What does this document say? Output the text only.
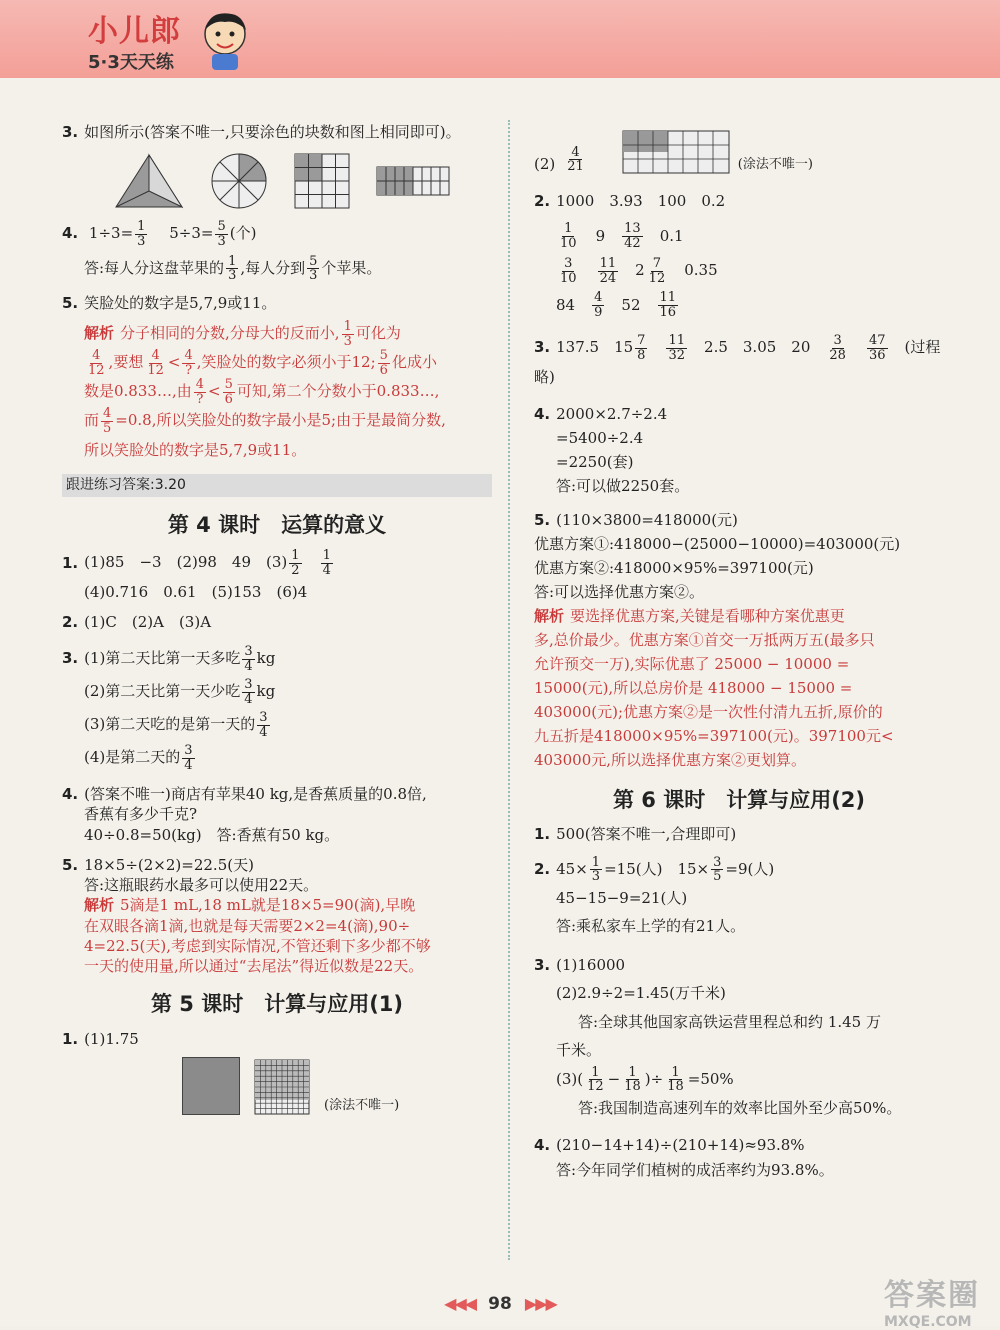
小儿郎
5·3天天练
3. 如图所示(答案不唯一,只要涂色的块数和图上相同即可)。
4. $1\div 3= \frac{1}{3}$
　 $5\div 3= \frac{5}{3}$ (个)
答:每人分这盘苹果的 $\frac{1}{3}$ ,每人分到 $\frac{5}{3}$ 个苹果。
5. 笑脸处的数字是5,7,9或11。
解析 分子相同的分数,分母大的反而小, $\frac{1}{3}$ 可化为
$\frac{4}{12}$ ,要想 $\frac{4}{12} < \frac{4}{?}$ ,笑脸处的数字必须小于12; $\frac{5}{6}$ 化成小
数是0.833…,由 $\frac{4}{?} < \frac{5}{6}$ 可知,第二个分数小于0.833…,
而 $\frac{4}{5} =0.8$,所以笑脸处的数字最小是5;由于是最简分数,
所以笑脸处的数字是5,7,9或11。
跟进练习答案:3.20
第 4 课时　运算的意义
1. (1)85　−3　(2)98　49　$(3) \frac{1}{2}$
　 $\frac{1}{4}$
(4)0.716　0.61　(5)153　(6)4
2. (1)C　(2)A　(3)A
3. (1)第二天比第一天多吃 $\frac{3}{4}$ kg
(2)第二天比第一天少吃 $\frac{3}{4}$ kg
(3)第二天吃的是第一天的 $\frac{3}{4}$
(4)是第二天的 $\frac{3}{4}$
4. (答案不唯一)商店有苹果40 kg,是香蕉质量的0.8倍,
香蕉有多少千克?
40÷0.8=50(kg)　答:香蕉有50 kg。
5. 18×5÷(2×2)=22.5(天)
答:这瓶眼药水最多可以使用22天。
解析 5滴是1 mL,18 mL就是18×5=90(滴),早晚
在双眼各滴1滴,也就是每天需要2×2=4(滴),90÷
4=22.5(天),考虑到实际情况,不管还剩下多少都不够
一天的使用量,所以通过“去尾法”得近似数是22天。
第 5 课时　计算与应用(1)
1. (1)1.75
(涂法不唯一)
$(2) \frac{4}{21}$	(涂法不唯一)
2. 1000　3.93　100　0.2
$\frac{1}{10}$
　 9　 $\frac{13}{42}$
　 0.1
$\frac{3}{10}$
　 $\frac{11}{24}$
　 $2 \frac{7}{12}$
　 0.35
84　 $\frac{4}{9}$
　 52　 $\frac{11}{16}$
3. 137.5　$15 \frac{7}{8}$
　 $\frac{11}{32}$
　 2.5　3.05　20　 $\frac{3}{28}$
　 $\frac{47}{36}$
　 (过程
略)
4. 2000×2.7÷2.4
=5400÷2.4
=2250(套)
答:可以做2250套。
5. (110×3800=418000(元)
优惠方案①:418000−(25000−10000)=403000(元)
优惠方案②:418000×95%=397100(元)
答:可以选择优惠方案②。
解析 要选择优惠方案,关键是看哪种方案优惠更
多,总价最少。优惠方案①首交一万抵两万五(最多只
允许预交一万),实际优惠了 25000 − 10000 =
15000(元),所以总房价是 418000 − 15000 =
403000(元);优惠方案②是一次性付清九五折,原价的
九五折是418000×95%=397100(元)。397100元<
403000元,所以选择优惠方案②更划算。
第 6 课时　计算与应用(2)
1. 500(答案不唯一,合理即可)
2. $45\times \frac{1}{3} =15$(人)　$15\times \frac{3}{5} =9$(人)
45−15−9=21(人)
答:乘私家车上学的有21人。
3. (1)16000
(2)2.9÷2=1.45(万千米)
答:全球其他国家高铁运营里程总和约 1.45 万
千米。
$(3)( \frac{1}{12} - \frac{1}{18}$ )÷ $\frac{1}{18} =50\%$
答:我国制造高速列车的效率比国外至少高50%。
4. (210−14+14)÷(210+14)≈93.8%
答:今年同学们植树的成活率约为93.8%。
◀◀◀ 98 ▶▶▶	答案圈
MXQE.COM
